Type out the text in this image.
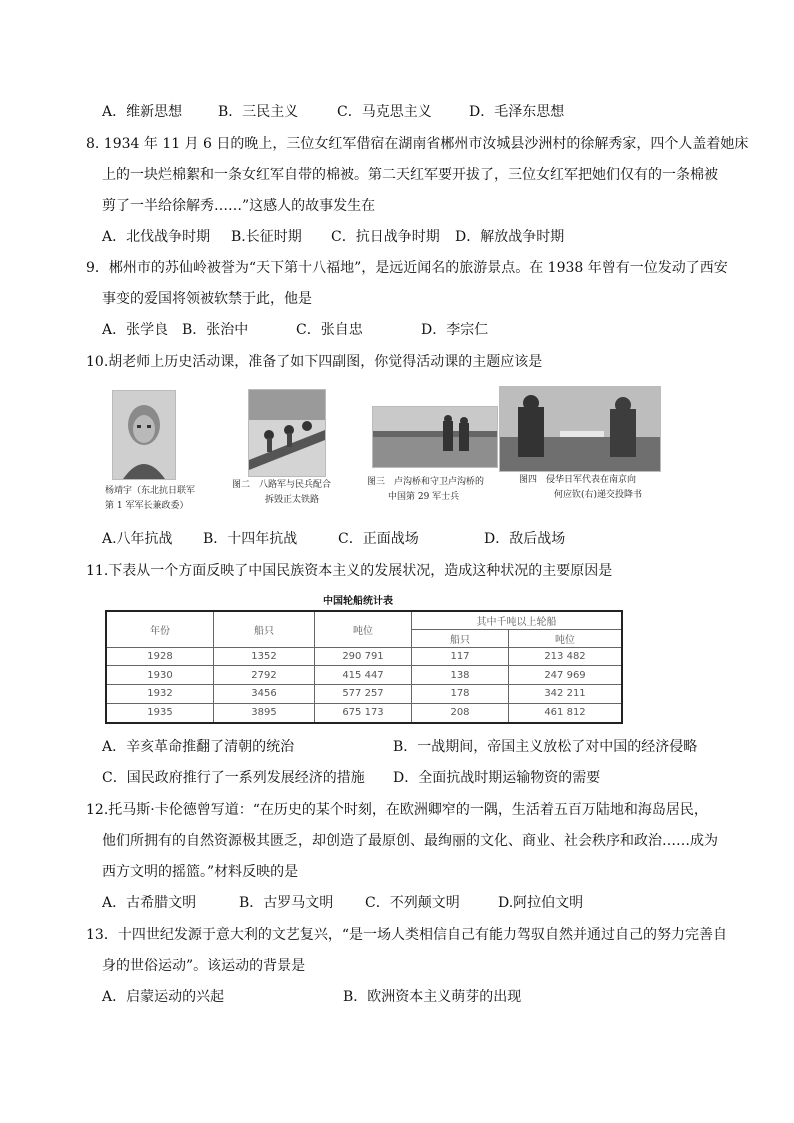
A．维新思想	B．三民主义	C．马克思主义	D．毛泽东思想
8. 1934 年 11 月 6 日的晚上，三位女红军借宿在湖南省郴州市汝城县沙洲村的徐解秀家，四个人盖着她床
上的一块烂棉絮和一条女红军自带的棉被。第二天红军要开拔了，三位女红军把她们仅有的一条棉被
剪了一半给徐解秀……”这感人的故事发生在
A．北伐战争时期 B.长征时期 C．抗日战争时期 D．解放战争时期
9．郴州市的苏仙岭被誉为“天下第十八福地”，是远近闻名的旅游景点。在 1938 年曾有一位发动了西安
事变的爱国将领被软禁于此，他是
A．张学良 B．张治中	C．张自忠	D．李宗仁
10.胡老师上历史活动课，准备了如下四副图，你觉得活动课的主题应该是
杨靖宇（东北抗日联军
第 1 军军长兼政委）
图二　八路军与民兵配合
拆毁正太铁路
图三　卢沟桥和守卫卢沟桥的
中国第 29 军士兵
图四　侵华日军代表在南京向
何应钦(右)递交投降书
A.八年抗战 B．十四年抗战	C．正面战场	D．敌后战场
11.下表从一个方面反映了中国民族资本主义的发展状况，造成这种状况的主要原因是
中国轮船统计表
年份	船只	吨位	其中千吨以上轮船	
			船只	吨位
1928	1352	290 791	117	213 482
1930	2792	415 447	138	247 969
1932	3456	577 257	178	342 211
1935	3895	675 173	208	461 812
A．辛亥革命推翻了清朝的统治	B．一战期间，帝国主义放松了对中国的经济侵略
C．国民政府推行了一系列发展经济的措施 D．全面抗战时期运输物资的需要
12.托马斯·卡伦德曾写道：“在历史的某个时刻，在欧洲卿窄的一隅，生活着五百万陆地和海岛居民，
他们所拥有的自然资源极其匮乏，却创造了最原创、最绚丽的文化、商业、社会秩序和政治……成为
西方文明的摇篮。”材料反映的是
A．古希腊文明	B．古罗马文明 C．不列颠文明	D.阿拉伯文明
13．十四世纪发源于意大利的文艺复兴，“是一场人类相信自己有能力驾驭自然并通过自己的努力完善自
身的世俗运动”。该运动的背景是
A．启蒙运动的兴起	B．欧洲资本主义萌芽的出现
